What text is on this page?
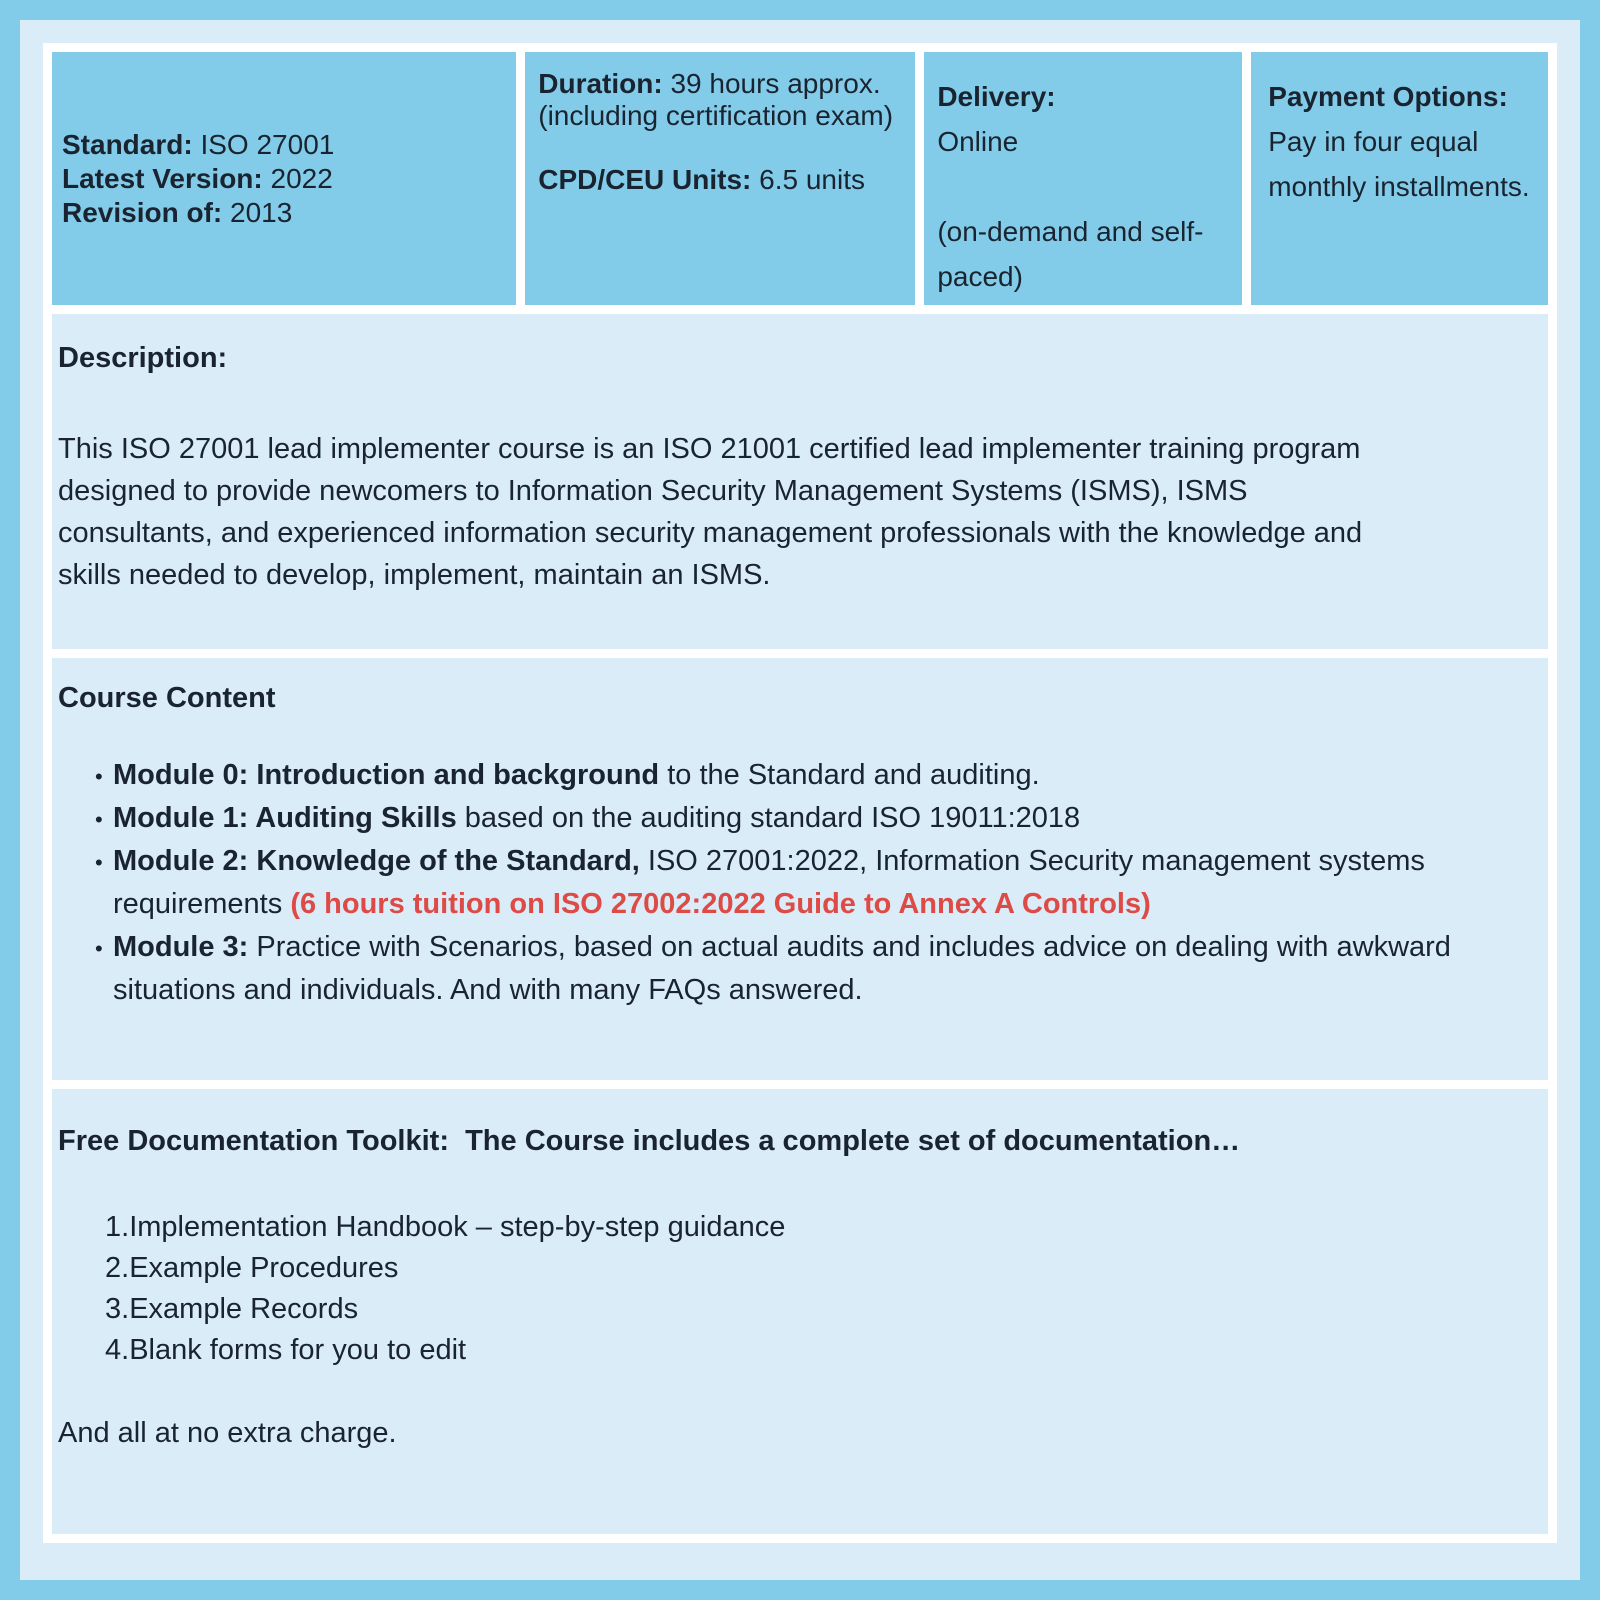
Standard: ISO 27001
Latest Version: 2022
Revision of: 2013
Duration: 39 hours approx. (including certification exam)
CPD/CEU Units: 6.5 units
Delivery:
Online
(on-demand and self-paced)
Payment Options:
Pay in four equal monthly installments.
Description:
This ISO 27001 lead implementer course is an ISO 21001 certified lead implementer training program
designed to provide newcomers to Information Security Management Systems (ISMS), ISMS
consultants, and experienced information security management professionals with the knowledge and
skills needed to develop, implement, maintain an ISMS.
Course Content
• Module 0: Introduction and background to the Standard and auditing.
• Module 1: Auditing Skills based on the auditing standard ISO 19011:2018
• Module 2: Knowledge of the Standard, ISO 27001:2022, Information Security management systems requirements (6 hours tuition on ISO 27002:2022 Guide to Annex A Controls)
• Module 3: Practice with Scenarios, based on actual audits and includes advice on dealing with awkward situations and individuals. And with many FAQs answered.
Free Documentation Toolkit:  The Course includes a complete set of documentation…
Implementation Handbook – step-by-step guidance
Example Procedures
Example Records
Blank forms for you to edit
And all at no extra charge.
